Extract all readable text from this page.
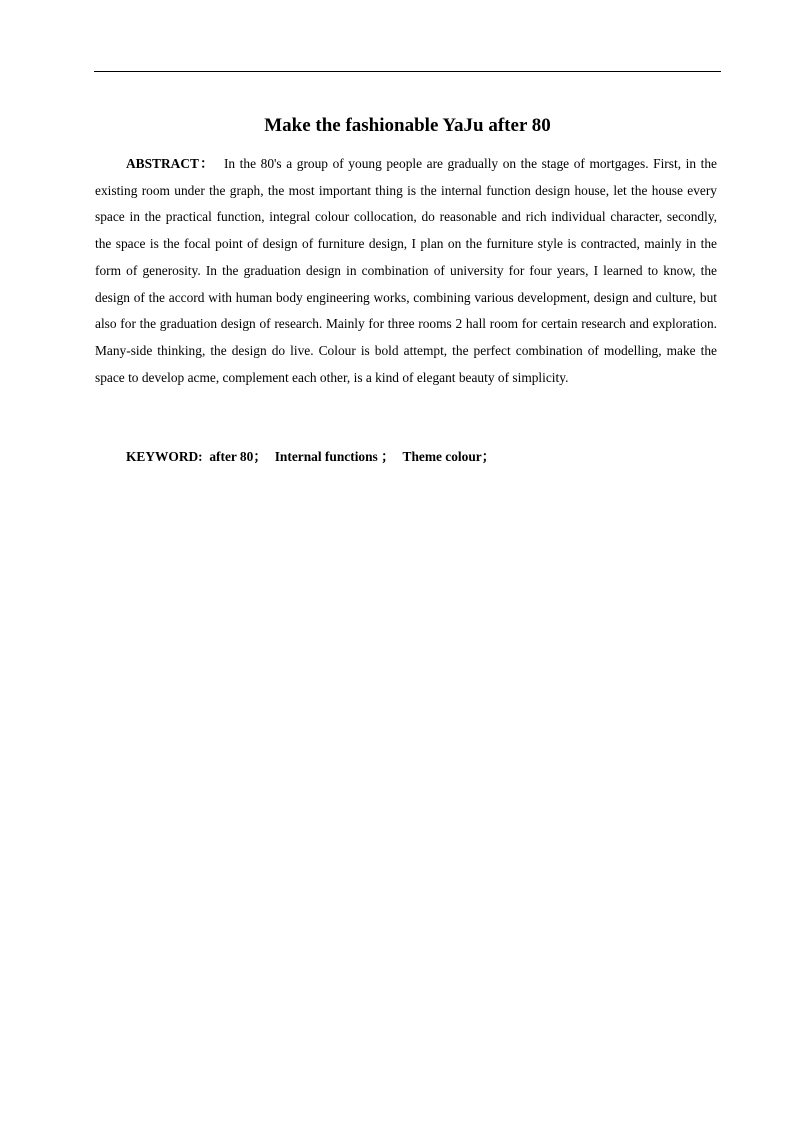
Make the fashionable YaJu after 80

ABSTRACT： In the 80's a group of young people are gradually on the stage of mortgages. First, in the existing room under the graph, the most important thing is the internal function design house, let the house every space in the practical function, integral colour collocation, do reasonable and rich individual character, secondly, the space is the focal point of design of furniture design, I plan on the furniture style is contracted, mainly in the form of generosity. In the graduation design in combination of university for four years, I learned to know, the design of the accord with human body engineering works, combining various development, design and culture, but also for the graduation design of research. Mainly for three rooms 2 hall room for certain research and exploration. Many-side thinking, the design do live. Colour is bold attempt, the perfect combination of modelling, make the space to develop acme, complement each other, is a kind of elegant beauty of simplicity.

KEYWORD: after 80； Internal functions ； Theme colour；
